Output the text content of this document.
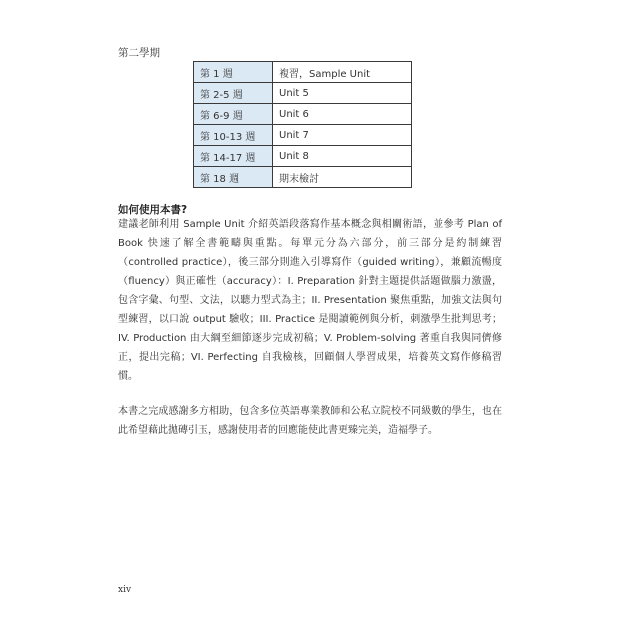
第二學期
第 1 週	複習，Sample Unit
第 2-5 週	Unit 5
第 6-9 週	Unit 6
第 10-13 週	Unit 7
第 14-17 週	Unit 8
第 18 週	期末檢討
如何使用本書?

建議老師利用 Sample Unit 介紹英語段落寫作基本概念與相關術語，並參考 Plan of Book 快速了解全書範疇與重點。每單元分為六部分，前三部分是約制練習（controlled practice），後三部分則進入引導寫作（guided writing），兼顧流暢度（fluency）與正確性（accuracy）：I. Preparation 針對主題提供話題做腦力激盪，包含字彙、句型、文法，以聽力型式為主；II. Presentation 聚焦重點，加強文法與句型練習，以口說 output 驗收；III. Practice 是閱讀範例與分析，刺激學生批判思考；IV. Production 由大綱至細節逐步完成初稿；V. Problem-solving 著重自我與同儕修正，提出完稿；VI. Perfecting 自我檢核，回顧個人學習成果，培養英文寫作修稿習慣。

本書之完成感謝多方相助，包含多位英語專業教師和公私立院校不同級數的學生，也在此希望藉此拋磚引玉，感謝使用者的回應能使此書更臻完美，造福學子。

xiv
